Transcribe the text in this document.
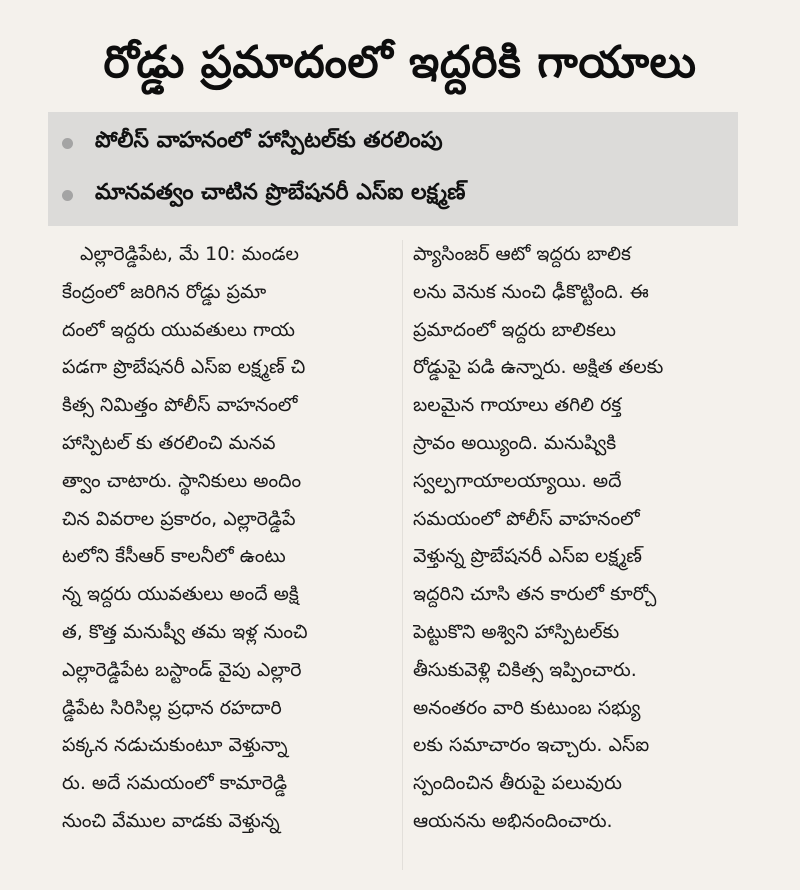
రోడ్డు ప్రమాదంలో ఇద్దరికి గాయాలు
పోలీస్ వాహనంలో హాస్పిటల్‌కు తరలింపు
మానవత్వం చాటిన ప్రొబేషనరీ ఎస్ఐ లక్ష్మణ్
ఎల్లారెడ్డిపేట, మే 10: మండల
కేంద్రంలో జరిగిన రోడ్డు ప్రమా
దంలో ఇద్దరు యువతులు గాయ
పడగా ప్రొబేషనరీ ఎస్ఐ లక్ష్మణ్ చి
కిత్స నిమిత్తం పోలీస్ వాహనంలో
హాస్పిటల్ కు తరలించి మనవ
త్వాం చాటారు. స్థానికులు అందిం
చిన వివరాల ప్రకారం, ఎల్లారెడ్డిపే
టలోని కేసీఆర్ కాలనీలో ఉంటు
న్న ఇద్దరు యువతులు అందే అక్షి
త, కొత్త మనుష్వీ తమ ఇళ్ల నుంచి
ఎల్లారెడ్డిపేట బస్టాండ్ వైపు ఎల్లారె
డ్డిపేట సిరిసిల్ల ప్రధాన రహదారి
పక్కన నడుచుకుంటూ వెళ్తున్నా
రు. అదే సమయంలో కామారెడ్డి
నుంచి వేముల వాడకు వెళ్తున్న
ప్యాసింజర్ ఆటో ఇద్దరు బాలిక
లను వెనుక నుంచి ఢీకొట్టింది. ఈ
ప్రమాదంలో ఇద్దరు బాలికలు
రోడ్డుపై పడి ఉన్నారు. అక్షిత తలకు
బలమైన గాయాలు తగిలి రక్త
స్రావం అయ్యింది. మనుష్వికి
స్వల్పగాయాలయ్యాయి. అదే
సమయంలో పోలీస్ వాహనంలో
వెళ్తున్న ప్రొబేషనరీ ఎస్ఐ లక్ష్మణ్
ఇద్దరిని చూసి తన కారులో కూర్చో
పెట్టుకొని అశ్విని హాస్పిటల్‌కు
తీసుకువెళ్లి చికిత్స ఇప్పించారు.
అనంతరం వారి కుటుంబ సభ్యు
లకు సమాచారం ఇచ్చారు. ఎస్ఐ
స్పందించిన తీరుపై పలువురు
ఆయనను అభినందించారు.
